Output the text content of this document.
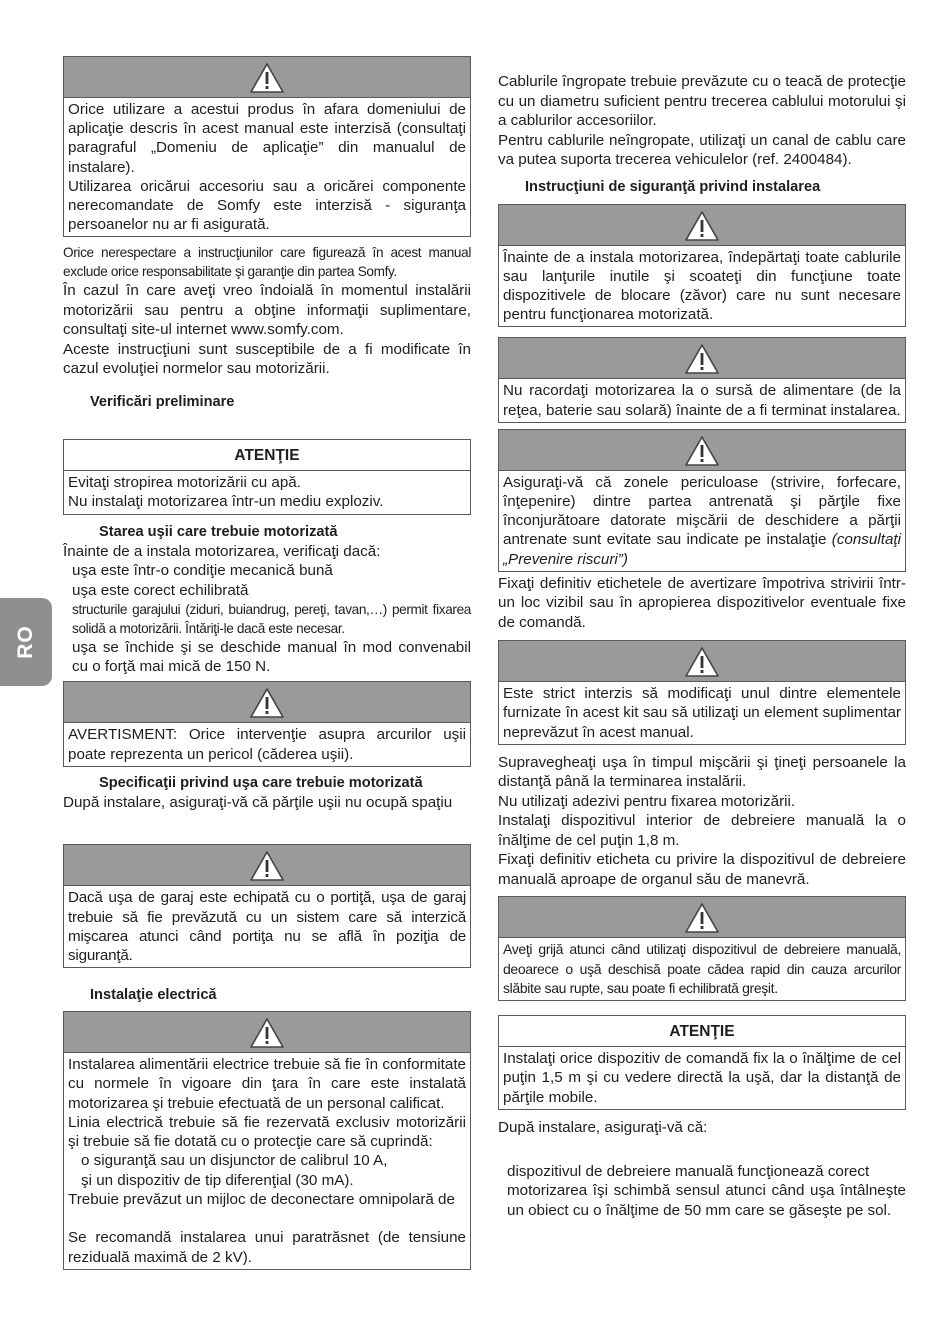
RO

Orice utilizare a acestui produs în afara domeniului de aplicaţie descris în acest manual este interzisă (consultaţi paragraful „Domeniu de aplicaţie” din manualul de instalare).

Utilizarea oricărui accesoriu sau a oricărei componente nerecomandate de Somfy este interzisă - siguranţa persoanelor nu ar fi asigurată.

Orice nerespectare a instrucţiunilor care figurează în acest manual exclude orice responsabilitate şi garanţie din partea Somfy.

În cazul în care aveţi vreo îndoială în momentul instalării motorizării sau pentru a obţine informaţii suplimentare, consultaţi site-ul internet www.somfy.com.

Aceste instrucţiuni sunt susceptibile de a fi modificate în cazul evoluţiei normelor sau motorizării.

Verificări preliminare
ATENŢIE
Evitaţi stropirea motorizării cu apă.
Nu instalaţi motorizarea într-un mediu exploziv.
Starea uşii care trebuie motorizată

Înainte de a instala motorizarea, verificaţi dacă:

uşa este într-o condiţie mecanică bună
uşa este corect echilibrată
structurile garajului (ziduri, buiandrug, pereţi, tavan,…) permit fixarea solidă a motorizării. Întăriţi-le dacă este necesar.
uşa se închide şi se deschide manual în mod convenabil cu o forţă mai mică de 150 N.

AVERTISMENT: Orice intervenţie asupra arcurilor uşii poate reprezenta un pericol (căderea uşii).

Specificaţii privind uşa care trebuie motorizată

După instalare, asiguraţi-vă că părţile uşii nu ocupă spaţiu

Dacă uşa de garaj este echipată cu o portiţă, uşa de garaj trebuie să fie prevăzută cu un sistem care să interzică mişcarea atunci când portiţa nu se află în poziţia de siguranţă.

Instalaţie electrică

Instalarea alimentării electrice trebuie să fie în conformitate cu normele în vigoare din ţara în care este instalată motorizarea şi trebuie efectuată de un personal calificat.

Linia electrică trebuie să fie rezervată exclusiv motorizării şi trebuie să fie dotată cu o protecţie care să cuprindă:

o siguranţă sau un disjunctor de calibrul 10 A,
şi un dispozitiv de tip diferenţial (30 mA).

Trebuie prevăzut un mijloc de deconectare omnipolară de

Se recomandă instalarea unui paratrăsnet (de tensiune reziduală maximă de 2 kV).

Cablurile îngropate trebuie prevăzute cu o teacă de protecţie cu un diametru suficient pentru trecerea cablului motorului şi a cablurilor accesoriilor.

Pentru cablurile neîngropate, utilizaţi un canal de cablu care va putea suporta trecerea vehiculelor (ref. 2400484).

Instrucţiuni de siguranţă privind instalarea

Înainte de a instala motorizarea, îndepărtaţi toate cablurile sau lanţurile inutile şi scoateţi din funcţiune toate dispozitivele de blocare (zăvor) care nu sunt necesare pentru funcţionarea motorizată.

Nu racordaţi motorizarea la o sursă de alimentare (de la reţea, baterie sau solară) înainte de a fi terminat instalarea.

Asiguraţi-vă că zonele periculoase (strivire, forfecare, înţepenire) dintre partea antrenată şi părţile fixe înconjurătoare datorate mişcării de deschidere a părţii antrenate sunt evitate sau indicate pe instalaţie (consultaţi „Prevenire riscuri”)

Fixaţi definitiv etichetele de avertizare împotriva strivirii într-un loc vizibil sau în apropierea dispozitivelor eventuale fixe de comandă.

Este strict interzis să modificaţi unul dintre elementele furnizate în acest kit sau să utilizaţi un element suplimentar neprevăzut în acest manual.

Supravegheaţi uşa în timpul mişcării şi ţineţi persoanele la distanţă până la terminarea instalării.

Nu utilizaţi adezivi pentru fixarea motorizării.

Instalaţi dispozitivul interior de debreiere manuală la o înălţime de cel puţin 1,8 m.

Fixaţi definitiv eticheta cu privire la dispozitivul de debreiere manuală aproape de organul său de manevră.

Aveţi grijă atunci când utilizaţi dispozitivul de debreiere manuală, deoarece o uşă deschisă poate cădea rapid din cauza arcurilor slăbite sau rupte, sau poate fi echilibrată greşit.

ATENŢIE

Instalaţi orice dispozitiv de comandă fix la o înălţime de cel puţin 1,5 m şi cu vedere directă la uşă, dar la distanţă de părţile mobile.

După instalare, asiguraţi-vă că:

dispozitivul de debreiere manuală funcţionează corect
motorizarea îşi schimbă sensul atunci când uşa întâlneşte un obiect cu o înălţime de 50 mm care se găseşte pe sol.
